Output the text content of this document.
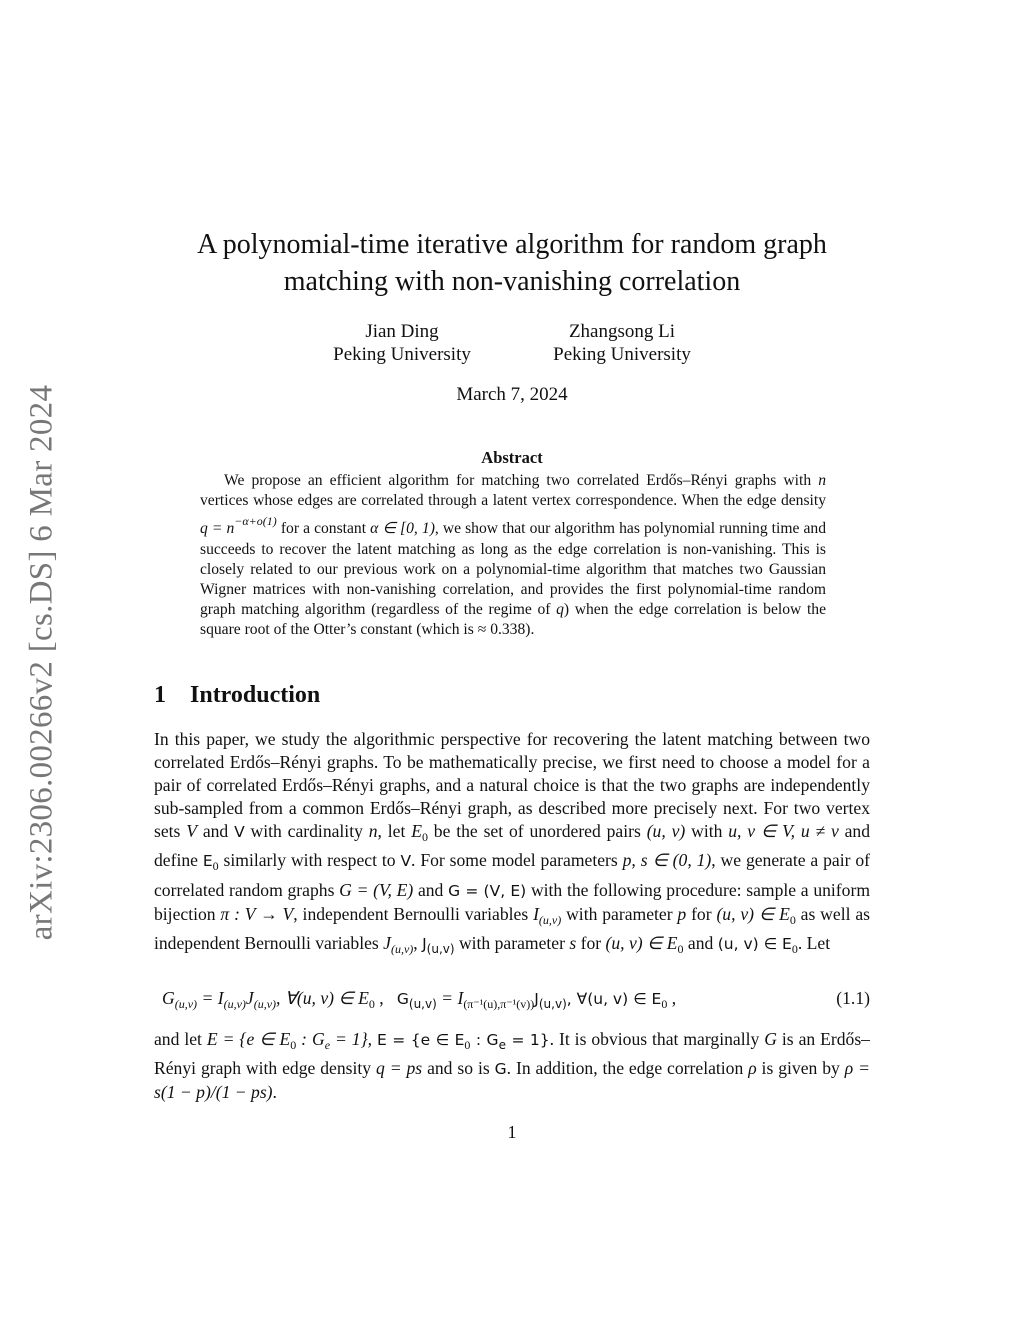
arXiv:2306.00266v2 [cs.DS] 6 Mar 2024
A polynomial-time iterative algorithm for random graph
matching with non-vanishing correlation
Jian Ding
Peking University
Zhangsong Li
Peking University
March 7, 2024
Abstract
We propose an efficient algorithm for matching two correlated Erdős–Rényi graphs with n vertices whose edges are correlated through a latent vertex correspondence. When the edge density $q = n^{-\alpha+o(1)}$ for a constant α ∈ [0, 1), we show that our algorithm has polynomial running time and succeeds to recover the latent matching as long as the edge correlation is non-vanishing. This is closely related to our previous work on a polynomial-time algorithm that matches two Gaussian Wigner matrices with non-vanishing correlation, and provides the first polynomial-time random graph matching algorithm (regardless of the regime of q) when the edge correlation is below the square root of the Otter’s constant (which is ≈ 0.338).
1 Introduction
In this paper, we study the algorithmic perspective for recovering the latent matching between two correlated Erdős–Rényi graphs. To be mathematically precise, we first need to choose a model for a pair of correlated Erdős–Rényi graphs, and a natural choice is that the two graphs are independently sub-sampled from a common Erdős–Rényi graph, as described more precisely next. For two vertex sets V and V with cardinality n, let $E_0$ be the set of unordered pairs (u, v) with u, v ∈ V, u ≠ v and define $E_0$ similarly with respect to V. For some model parameters p, s ∈ (0, 1), we generate a pair of correlated random graphs G = (V, E) and G = (V, E) with the following procedure: sample a uniform bijection π : V → V, independent Bernoulli variables $I_{(u,v)}$ with parameter p for (u, v) ∈ $E_0$ as well as independent Bernoulli variables $J_{(u,v)}$, $J_{(u,v)}$ with parameter s for (u, v) ∈ $E_0$ and (u, v) ∈ $E_0$. Let
$G_{(u,v)} = I_{(u,v)}J_{(u,v)}$, ∀(u, v) ∈ $E_0$ , $G_{(u,v)} = I_{(\pi^{-1}(u),\pi^{-1}(v))}J_{(u,v)}$, ∀(u, v) ∈ $E_0$ ,	(1.1)
and let E = {e ∈ $E_0$ : $G_e = 1$}, E = {e ∈ $E_0$ : $G_e = 1$}. It is obvious that marginally G is an Erdős–Rényi graph with edge density q = ps and so is G. In addition, the edge correlation ρ is given by ρ = s(1 − p)/(1 − ps).
1
